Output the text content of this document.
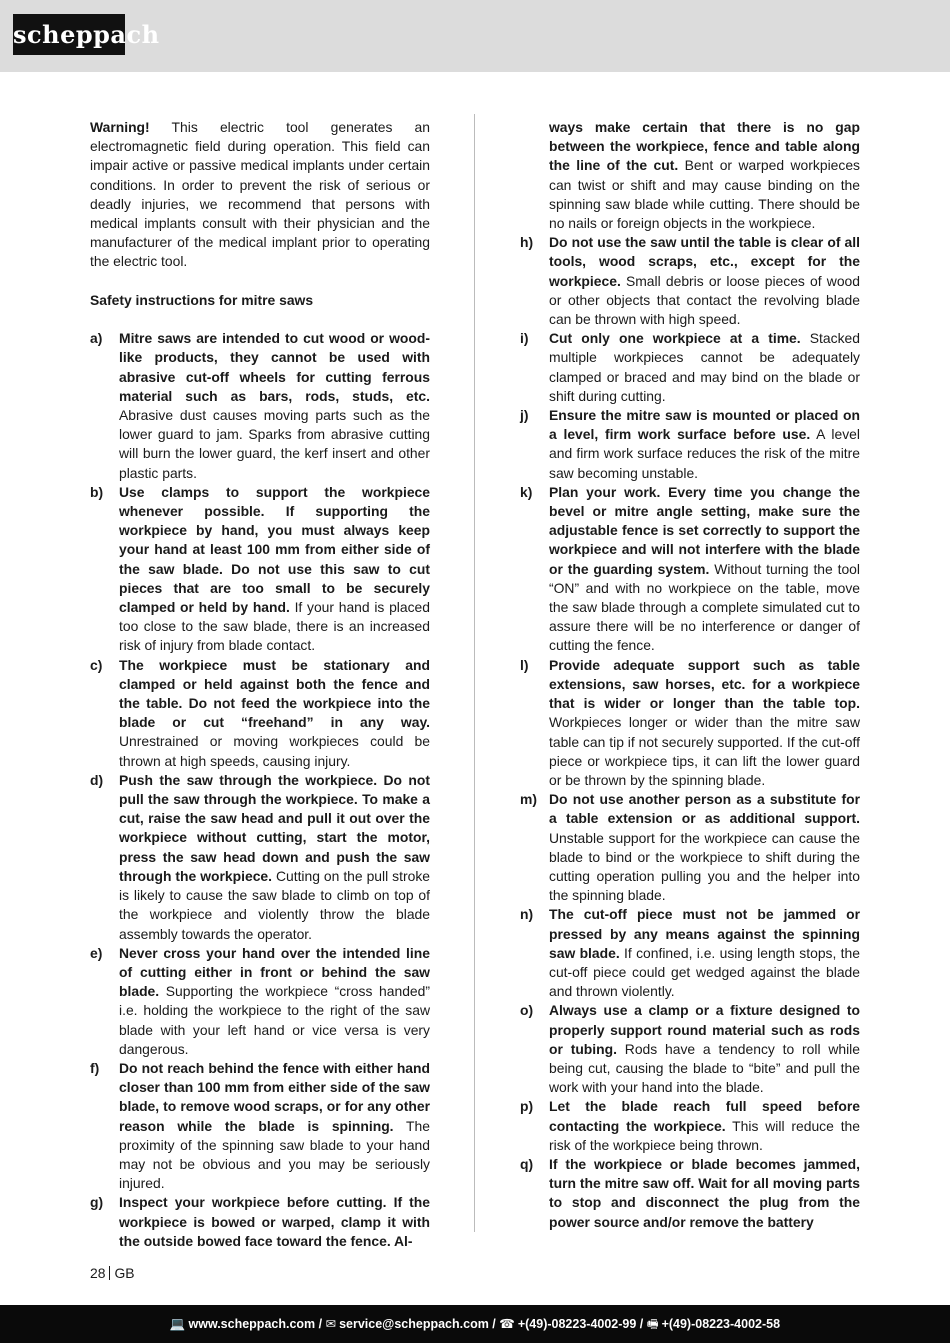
scheppach

Warning! This electric tool generates an electromagnetic field during operation. This field can impair active or passive medical implants under certain conditions. In order to prevent the risk of serious or deadly injuries, we recommend that persons with medical implants consult with their physician and the manufacturer of the medical implant prior to operating the electric tool.

Safety instructions for mitre saws

a)	Mitre saws are intended to cut wood or wood-like products, they cannot be used with abrasive cut-off wheels for cutting ferrous material such as bars, rods, studs, etc. Abrasive dust causes moving parts such as the lower guard to jam. Sparks from abrasive cutting will burn the lower guard, the kerf insert and other plastic parts.

b)	Use clamps to support the workpiece whenever possible. If supporting the workpiece by hand, you must always keep your hand at least 100 mm from either side of the saw blade. Do not use this saw to cut pieces that are too small to be securely clamped or held by hand. If your hand is placed too close to the saw blade, there is an increased risk of injury from blade contact.

c)	The workpiece must be stationary and clamped or held against both the fence and the table. Do not feed the workpiece into the blade or cut “freehand” in any way. Unrestrained or moving workpieces could be thrown at high speeds, causing injury.

d)	Push the saw through the workpiece. Do not pull the saw through the workpiece. To make a cut, raise the saw head and pull it out over the workpiece without cutting, start the motor, press the saw head down and push the saw through the workpiece. Cutting on the pull stroke is likely to cause the saw blade to climb on top of the workpiece and violently throw the blade assembly towards the operator.

e)	Never cross your hand over the intended line of cutting either in front or behind the saw blade. Supporting the workpiece “cross handed” i.e. holding the workpiece to the right of the saw blade with your left hand or vice versa is very dangerous.

f)	Do not reach behind the fence with either hand closer than 100 mm from either side of the saw blade, to remove wood scraps, or for any other reason while the blade is spinning. The proximity of the spinning saw blade to your hand may not be obvious and you may be seriously injured.

g)	Inspect your workpiece before cutting. If the workpiece is bowed or warped, clamp it with the outside bowed face toward the fence. Al-

ways make certain that there is no gap between the workpiece, fence and table along the line of the cut. Bent or warped workpieces can twist or shift and may cause binding on the spinning saw blade while cutting. There should be no nails or foreign objects in the workpiece.

h)	Do not use the saw until the table is clear of all tools, wood scraps, etc., except for the workpiece. Small debris or loose pieces of wood or other objects that contact the revolving blade can be thrown with high speed.

i)	Cut only one workpiece at a time. Stacked multiple workpieces cannot be adequately clamped or braced and may bind on the blade or shift during cutting.

j)	Ensure the mitre saw is mounted or placed on a level, firm work surface before use. A level and firm work surface reduces the risk of the mitre saw becoming unstable.

k)	Plan your work. Every time you change the bevel or mitre angle setting, make sure the adjustable fence is set correctly to support the workpiece and will not interfere with the blade or the guarding system. Without turning the tool “ON” and with no workpiece on the table, move the saw blade through a complete simulated cut to assure there will be no interference or danger of cutting the fence.

l)	Provide adequate support such as table extensions, saw horses, etc. for a workpiece that is wider or longer than the table top. Workpieces longer or wider than the mitre saw table can tip if not securely supported. If the cut-off piece or workpiece tips, it can lift the lower guard or be thrown by the spinning blade.

m) Do not use another person as a substitute for a table extension or as additional support. Unstable support for the workpiece can cause the blade to bind or the workpiece to shift during the cutting operation pulling you and the helper into the spinning blade.

n)	The cut-off piece must not be jammed or pressed by any means against the spinning saw blade. If confined, i.e. using length stops, the cut-off piece could get wedged against the blade and thrown violently.

o)	Always use a clamp or a fixture designed to properly support round material such as rods or tubing. Rods have a tendency to roll while being cut, causing the blade to “bite” and pull the work with your hand into the blade.

p)	Let the blade reach full speed before contacting the workpiece. This will reduce the risk of the workpiece being thrown.

q)	If the workpiece or blade becomes jammed, turn the mitre saw off. Wait for all moving parts to stop and disconnect the plug from the power source and/or remove the battery

28 GB
💻 www.scheppach.com / ✉ service@scheppach.com / ☎ +(49)-08223-4002-99 / 🖷 +(49)-08223-4002-58
